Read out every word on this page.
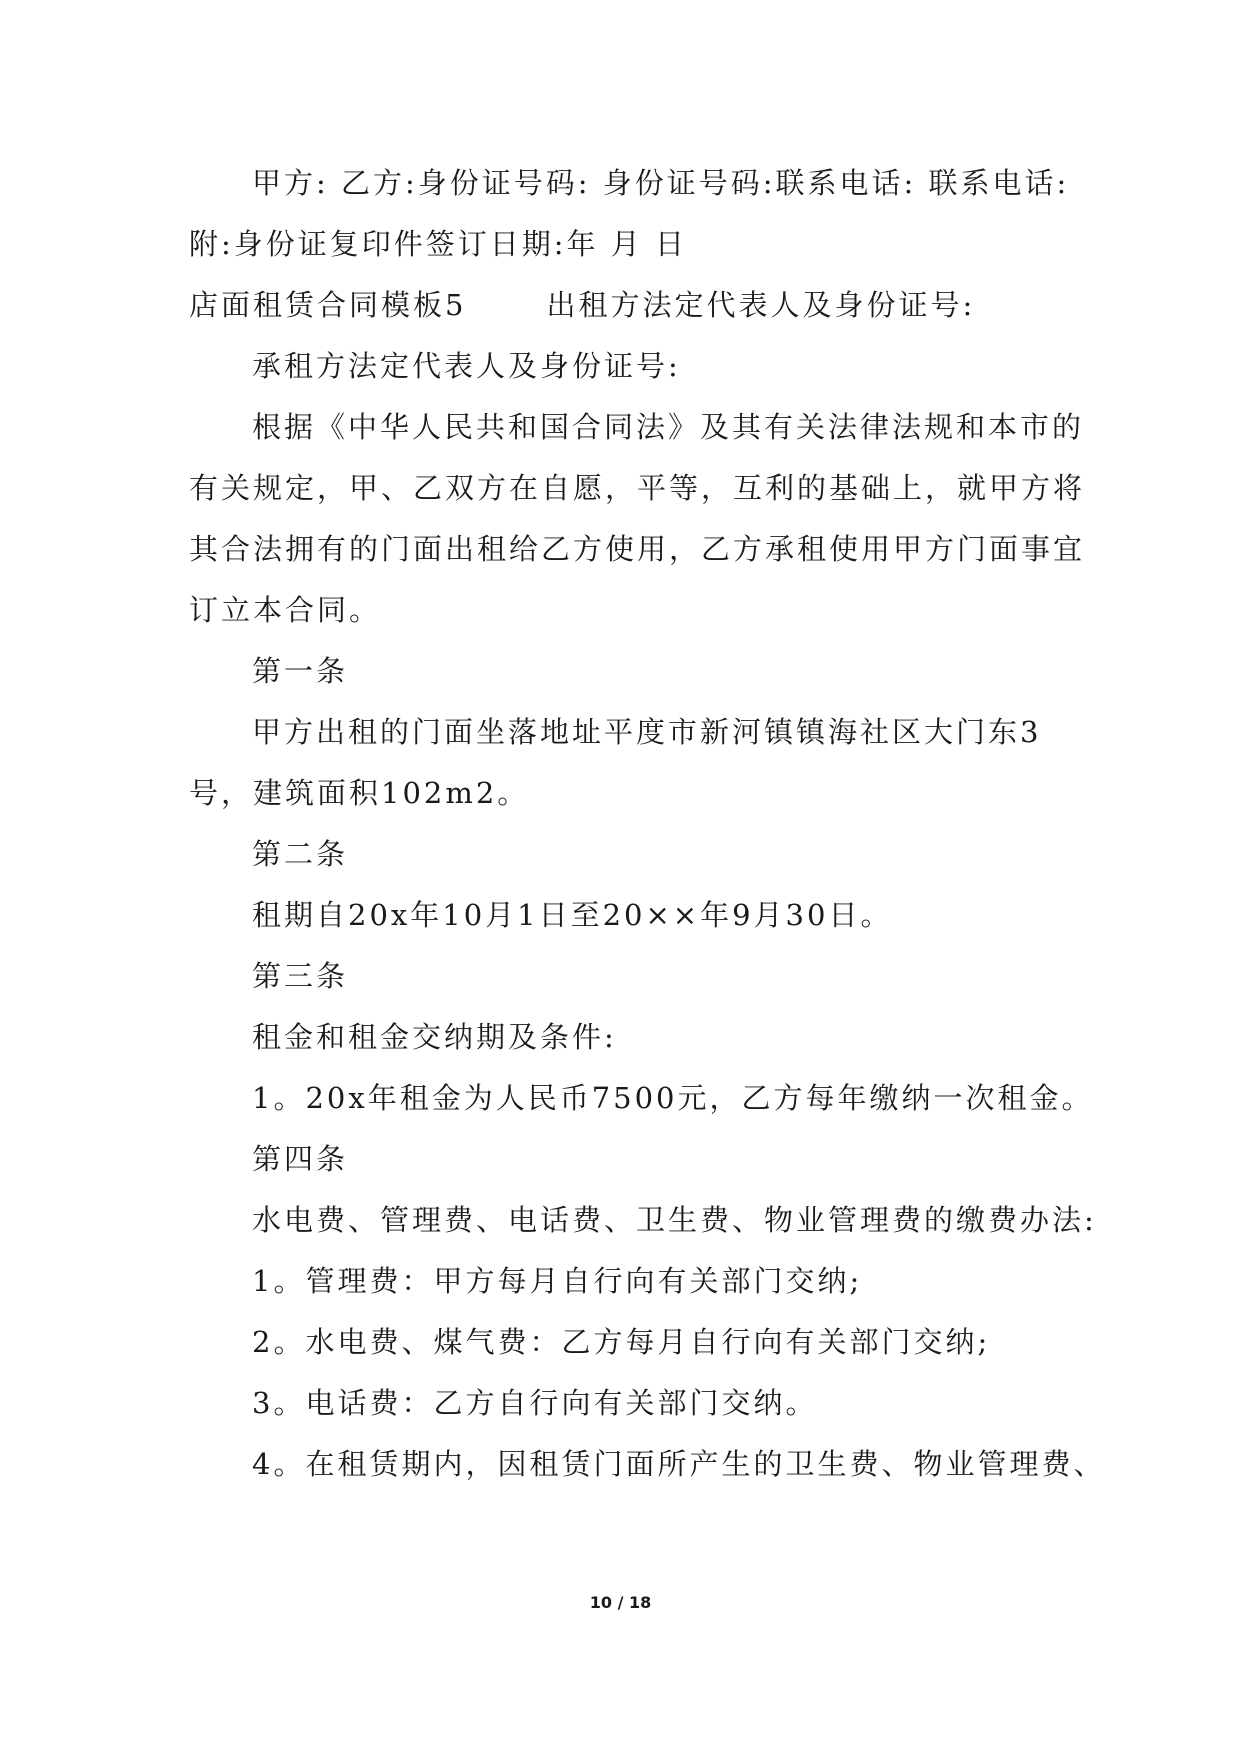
甲方: 乙方:身份证号码: 身份证号码:联系电话: 联系电话:
附:身份证复印件签订日期:年 月 日
店面租赁合同模板5	出租方法定代表人及身份证号:
承租方法定代表人及身份证号:
根据《中华人民共和国合同法》及其有关法律法规和本市的
有关规定，甲、乙双方在自愿，平等，互利的基础上，就甲方将
其合法拥有的门面出租给乙方使用，乙方承租使用甲方门面事宜
订立本合同。
第一条
甲方出租的门面坐落地址平度市新河镇镇海社区大门东3
号，建筑面积102m2。
第二条
租期自20x年10月1日至20××年9月30日。
第三条
租金和租金交纳期及条件:
1。20x年租金为人民币7500元，乙方每年缴纳一次租金。
第四条
水电费、管理费、电话费、卫生费、物业管理费的缴费办法:
1。管理费：甲方每月自行向有关部门交纳;
2。水电费、煤气费：乙方每月自行向有关部门交纳;
3。电话费：乙方自行向有关部门交纳。
4。在租赁期内，因租赁门面所产生的卫生费、物业管理费、
10 / 18
